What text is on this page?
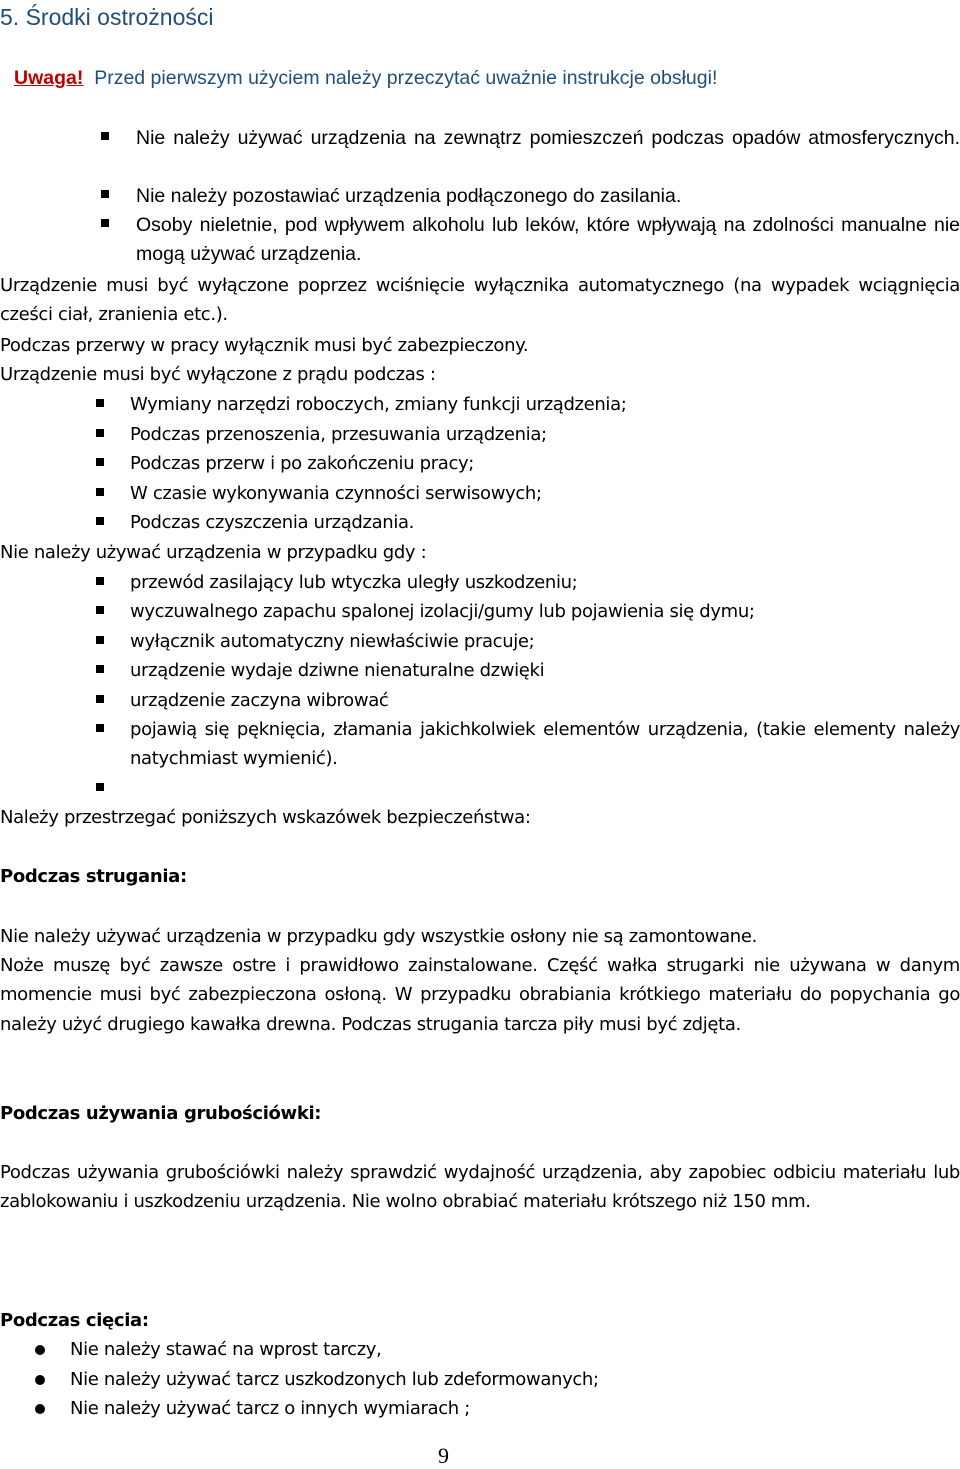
5. Środki ostrożności
Uwaga! Przed pierwszym użyciem należy przeczytać uważnie instrukcje obsługi!

Nie należy używać urządzenia na zewnątrz pomieszczeń podczas opadów atmosferycznych.

Nie należy pozostawiać urządzenia podłączonego do zasilania.

Osoby nieletnie, pod wpływem alkoholu lub leków, które wpływają na zdolności manualne nie mogą używać urządzenia.

Urządzenie musi być wyłączone poprzez wciśnięcie wyłącznika automatycznego (na wypadek wciągnięcia cześci ciał, zranienia etc.).

Podczas przerwy w pracy wyłącznik musi być zabezpieczony.

Urządzenie musi być wyłączone z prądu podczas :

Wymiany narzędzi roboczych, zmiany funkcji urządzenia;

Podczas przenoszenia, przesuwania urządzenia;

Podczas przerw i po zakończeniu pracy;

W czasie wykonywania czynności serwisowych;

Podczas czyszczenia urządzania.

Nie należy używać urządzenia w przypadku gdy :

przewód zasilający lub wtyczka uległy uszkodzeniu;

wyczuwalnego zapachu spalonej izolacji/gumy lub pojawienia się dymu;

wyłącznik automatyczny niewłaściwie pracuje;

urządzenie wydaje dziwne nienaturalne dzwięki

urządzenie zaczyna wibrować

pojawią się pęknięcia, złamania jakichkolwiek elementów urządzenia, (takie elementy należy natychmiast wymienić).

Należy przestrzegać poniższych wskazówek bezpieczeństwa:

Podczas strugania:

Nie należy używać urządzenia w przypadku gdy wszystkie osłony nie są zamontowane.

Noże muszę być zawsze ostre i prawidłowo zainstalowane. Część wałka strugarki nie używana w danym momencie musi być zabezpieczona osłoną. W przypadku obrabiania krótkiego materiału do popychania go należy użyć drugiego kawałka drewna. Podczas strugania tarcza piły musi być zdjęta.

Podczas używania grubościówki:

Podczas używania grubościówki należy sprawdzić wydajność urządzenia, aby zapobiec odbiciu materiału lub zablokowaniu i uszkodzeniu urządzenia. Nie wolno obrabiać materiału krótszego niż 150 mm.

Podczas cięcia:

Nie należy stawać na wprost tarczy,

Nie należy używać tarcz uszkodzonych lub zdeformowanych;

Nie należy używać tarcz o innych wymiarach ;

9
